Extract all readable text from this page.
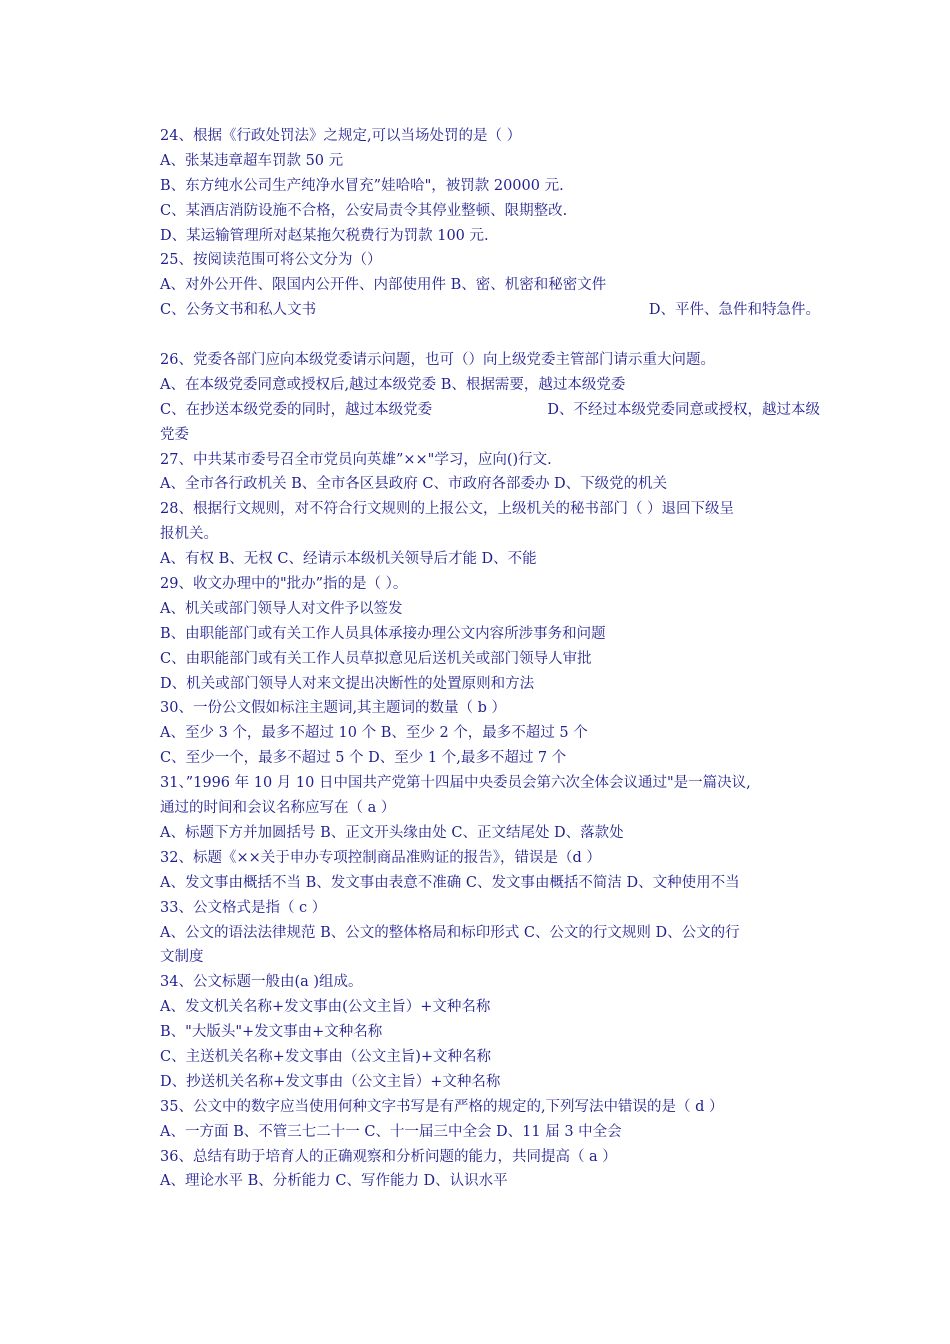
24、根据《行政处罚法》之规定,可以当场处罚的是（ ）
A、张某违章超车罚款 50 元
B、东方纯水公司生产纯净水冒充”娃哈哈"，被罚款 20000 元.
C、某酒店消防设施不合格，公安局责令其停业整顿、限期整改.
D、某运输管理所对赵某拖欠税费行为罚款 100 元.
25、按阅读范围可将公文分为（）
A、对外公开件、限国内公开件、内部使用件 B、密、机密和秘密文件
C、公务文书和私人文书	D、平件、急件和特急件。
26、党委各部门应向本级党委请示问题，也可（）向上级党委主管部门请示重大问题。
A、在本级党委同意或授权后,越过本级党委 B、根据需要，越过本级党委
C、在抄送本级党委的同时，越过本级党委	D、不经过本级党委同意或授权，越过本级
党委
27、中共某市委号召全市党员向英雄”××"学习，应向()行文.
A、全市各行政机关 B、全市各区县政府 C、市政府各部委办 D、下级党的机关
28、根据行文规则，对不符合行文规则的上报公文，上级机关的秘书部门（ ）退回下级呈
报机关。
A、有权 B、无权 C、经请示本级机关领导后才能 D、不能
29、收文办理中的"批办”指的是（ ）。
A、机关或部门领导人对文件予以签发
B、由职能部门或有关工作人员具体承接办理公文内容所涉事务和问题
C、由职能部门或有关工作人员草拟意见后送机关或部门领导人审批
D、机关或部门领导人对来文提出决断性的处置原则和方法
30、一份公文假如标注主题词,其主题词的数量（ b ）
A、至少 3 个，最多不超过 10 个 B、至少 2 个，最多不超过 5 个
C、至少一个，最多不超过 5 个 D、至少 1 个,最多不超过 7 个
31、”1996 年 10 月 10 日中国共产党第十四届中央委员会第六次全体会议通过"是一篇决议,
通过的时间和会议名称应写在（ a ）
A、标题下方并加圆括号 B、正文开头缘由处 C、正文结尾处 D、落款处
32、标题《××关于申办专项控制商品准购证的报告》，错误是（d ）
A、发文事由概括不当 B、发文事由表意不准确 C、发文事由概括不简洁 D、文种使用不当
33、公文格式是指（ c ）
A、公文的语法法律规范 B、公文的整体格局和标印形式 C、公文的行文规则 D、公文的行
文制度
34、公文标题一般由(a )组成。
A、发文机关名称+发文事由(公文主旨）+文种名称
B、"大版头"+发文事由+文种名称
C、主送机关名称+发文事由（公文主旨)+文种名称
D、抄送机关名称+发文事由（公文主旨）+文种名称
35、公文中的数字应当使用何种文字书写是有严格的规定的,下列写法中错误的是（ d ）
A、一方面 B、不管三七二十一 C、十一届三中全会 D、11 届 3 中全会
36、总结有助于培育人的正确观察和分析问题的能力，共同提高（ a ）
A、理论水平 B、分析能力 C、写作能力 D、认识水平
